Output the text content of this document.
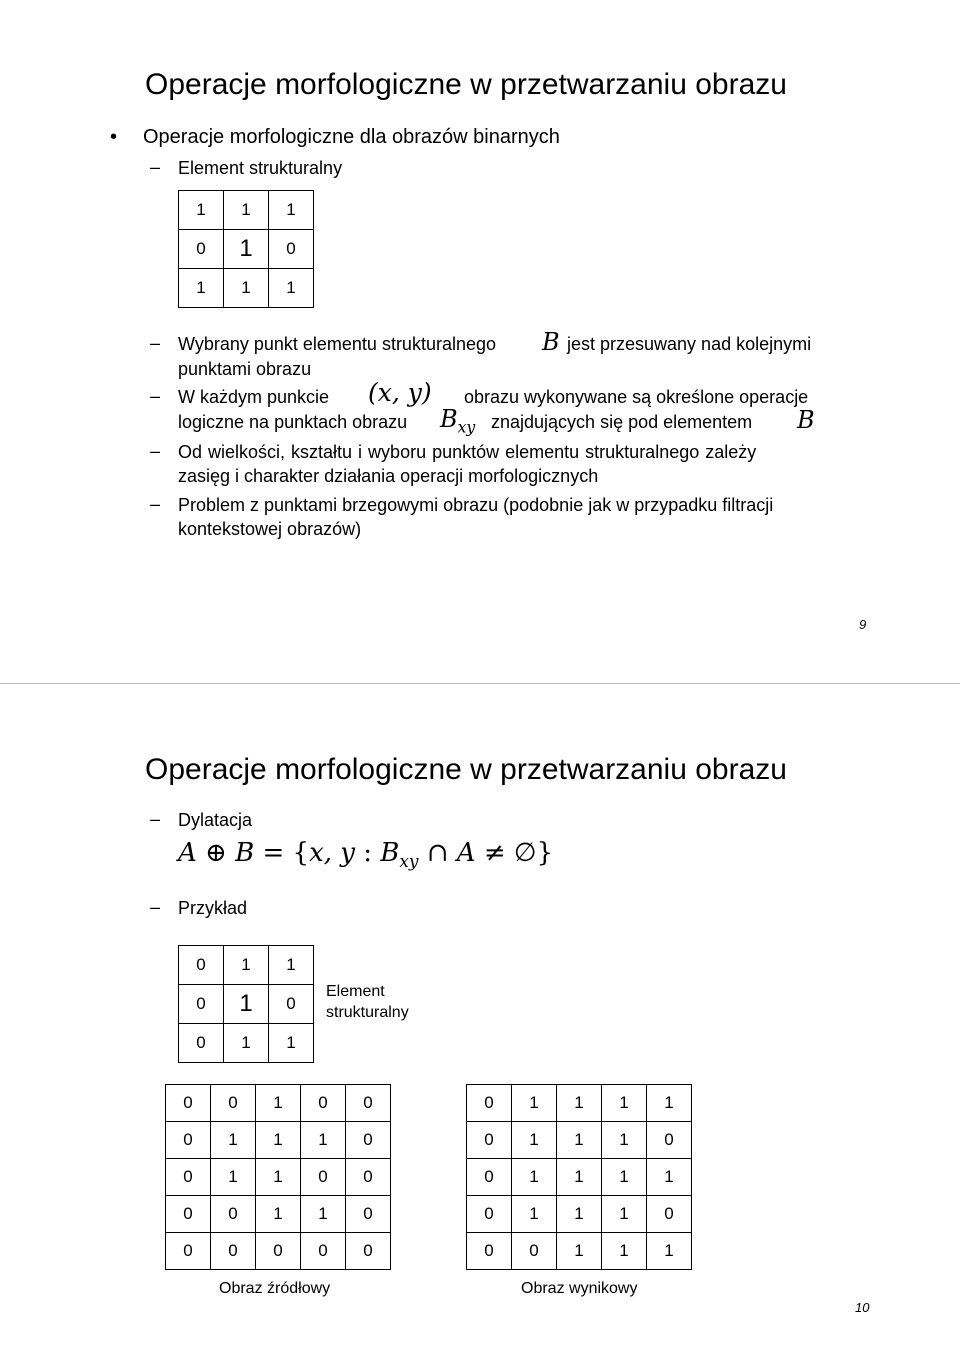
Operacje morfologiczne w przetwarzaniu obrazu
• Operacje morfologiczne dla obrazów binarnych
– Element strukturalny
1	1	1
0	1	0
1	1	1
– Wybrany punkt elementu strukturalnego B jest przesuwany nad kolejnymi
punktami obrazu
– W każdym punkcie (x, y) obrazu wykonywane są określone operacje
logiczne na punktach obrazu $B_{xy}$ znajdujących się pod elementem B
– Od wielkości, kształtu i wyboru punktów elementu strukturalnego zależy
zasięg i charakter działania operacji morfologicznych
– Problem z punktami brzegowymi obrazu (podobnie jak w przypadku filtracji
kontekstowej obrazów)
9
Operacje morfologiczne w przetwarzaniu obrazu
– Dylatacja
A ⊕ B = {x, y : $B_{xy}$ ∩ A ≠ ∅}
– Przykład
0	1	1
0	1	0
0	1	1
Element
strukturalny
0	0	1	0	0
0	1	1	1	0
0	1	1	0	0
0	0	1	1	0
0	0	0	0	0
0	1	1	1	1
0	1	1	1	0
0	1	1	1	1
0	1	1	1	0
0	0	1	1	1
Obraz źródłowy	Obraz wynikowy
10
